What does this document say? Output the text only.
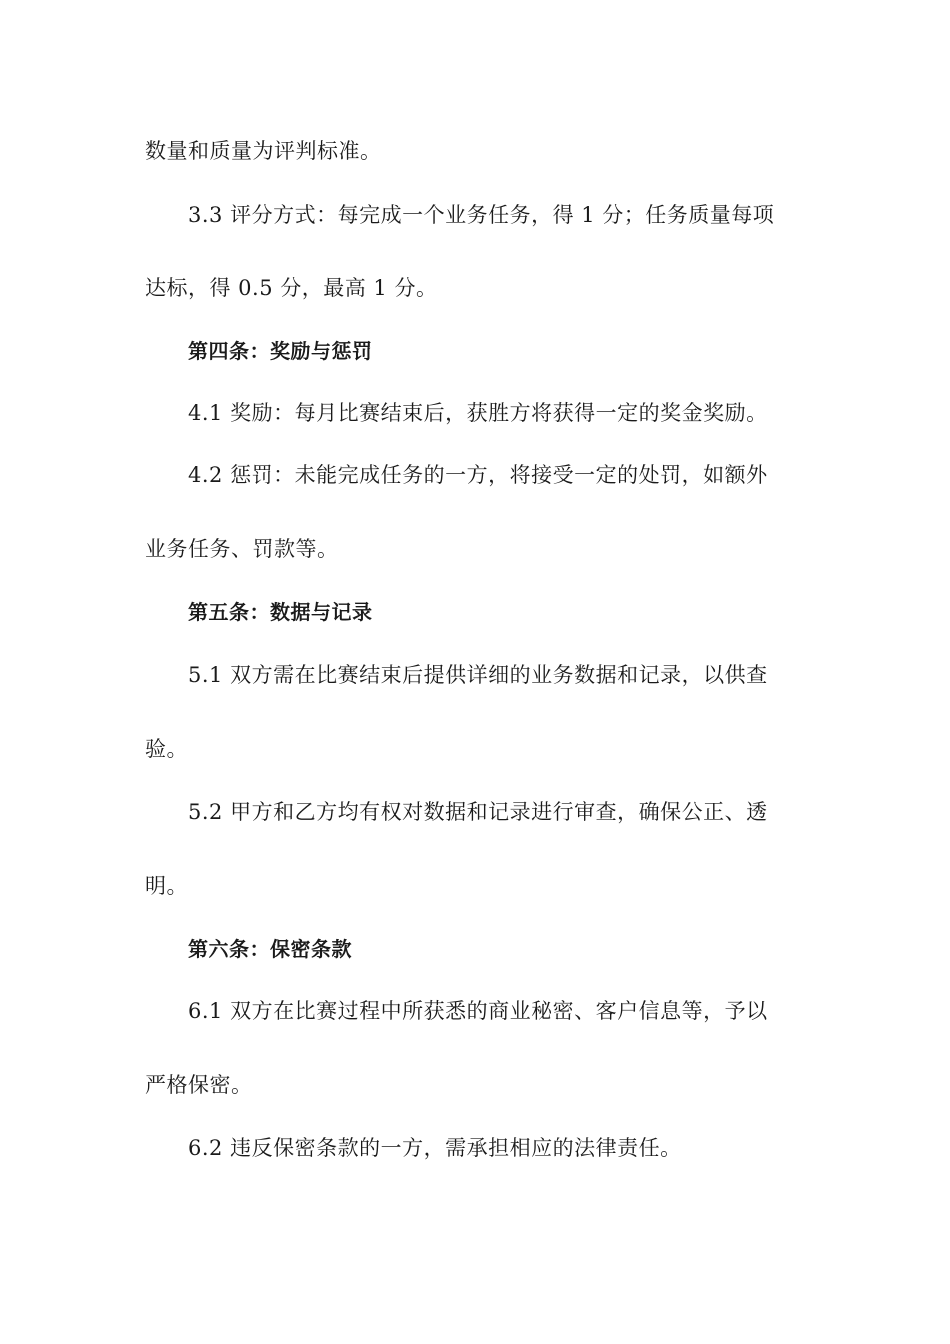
数量和质量为评判标准。
3.3 评分方式：每完成一个业务任务，得 1 分；任务质量每项
达标，得 0.5 分，最高 1 分。
第四条：奖励与惩罚
4.1 奖励：每月比赛结束后，获胜方将获得一定的奖金奖励。
4.2 惩罚：未能完成任务的一方，将接受一定的处罚，如额外
业务任务、罚款等。
第五条：数据与记录
5.1 双方需在比赛结束后提供详细的业务数据和记录，以供查
验。
5.2 甲方和乙方均有权对数据和记录进行审查，确保公正、透
明。
第六条：保密条款
6.1 双方在比赛过程中所获悉的商业秘密、客户信息等，予以
严格保密。
6.2 违反保密条款的一方，需承担相应的法律责任。
